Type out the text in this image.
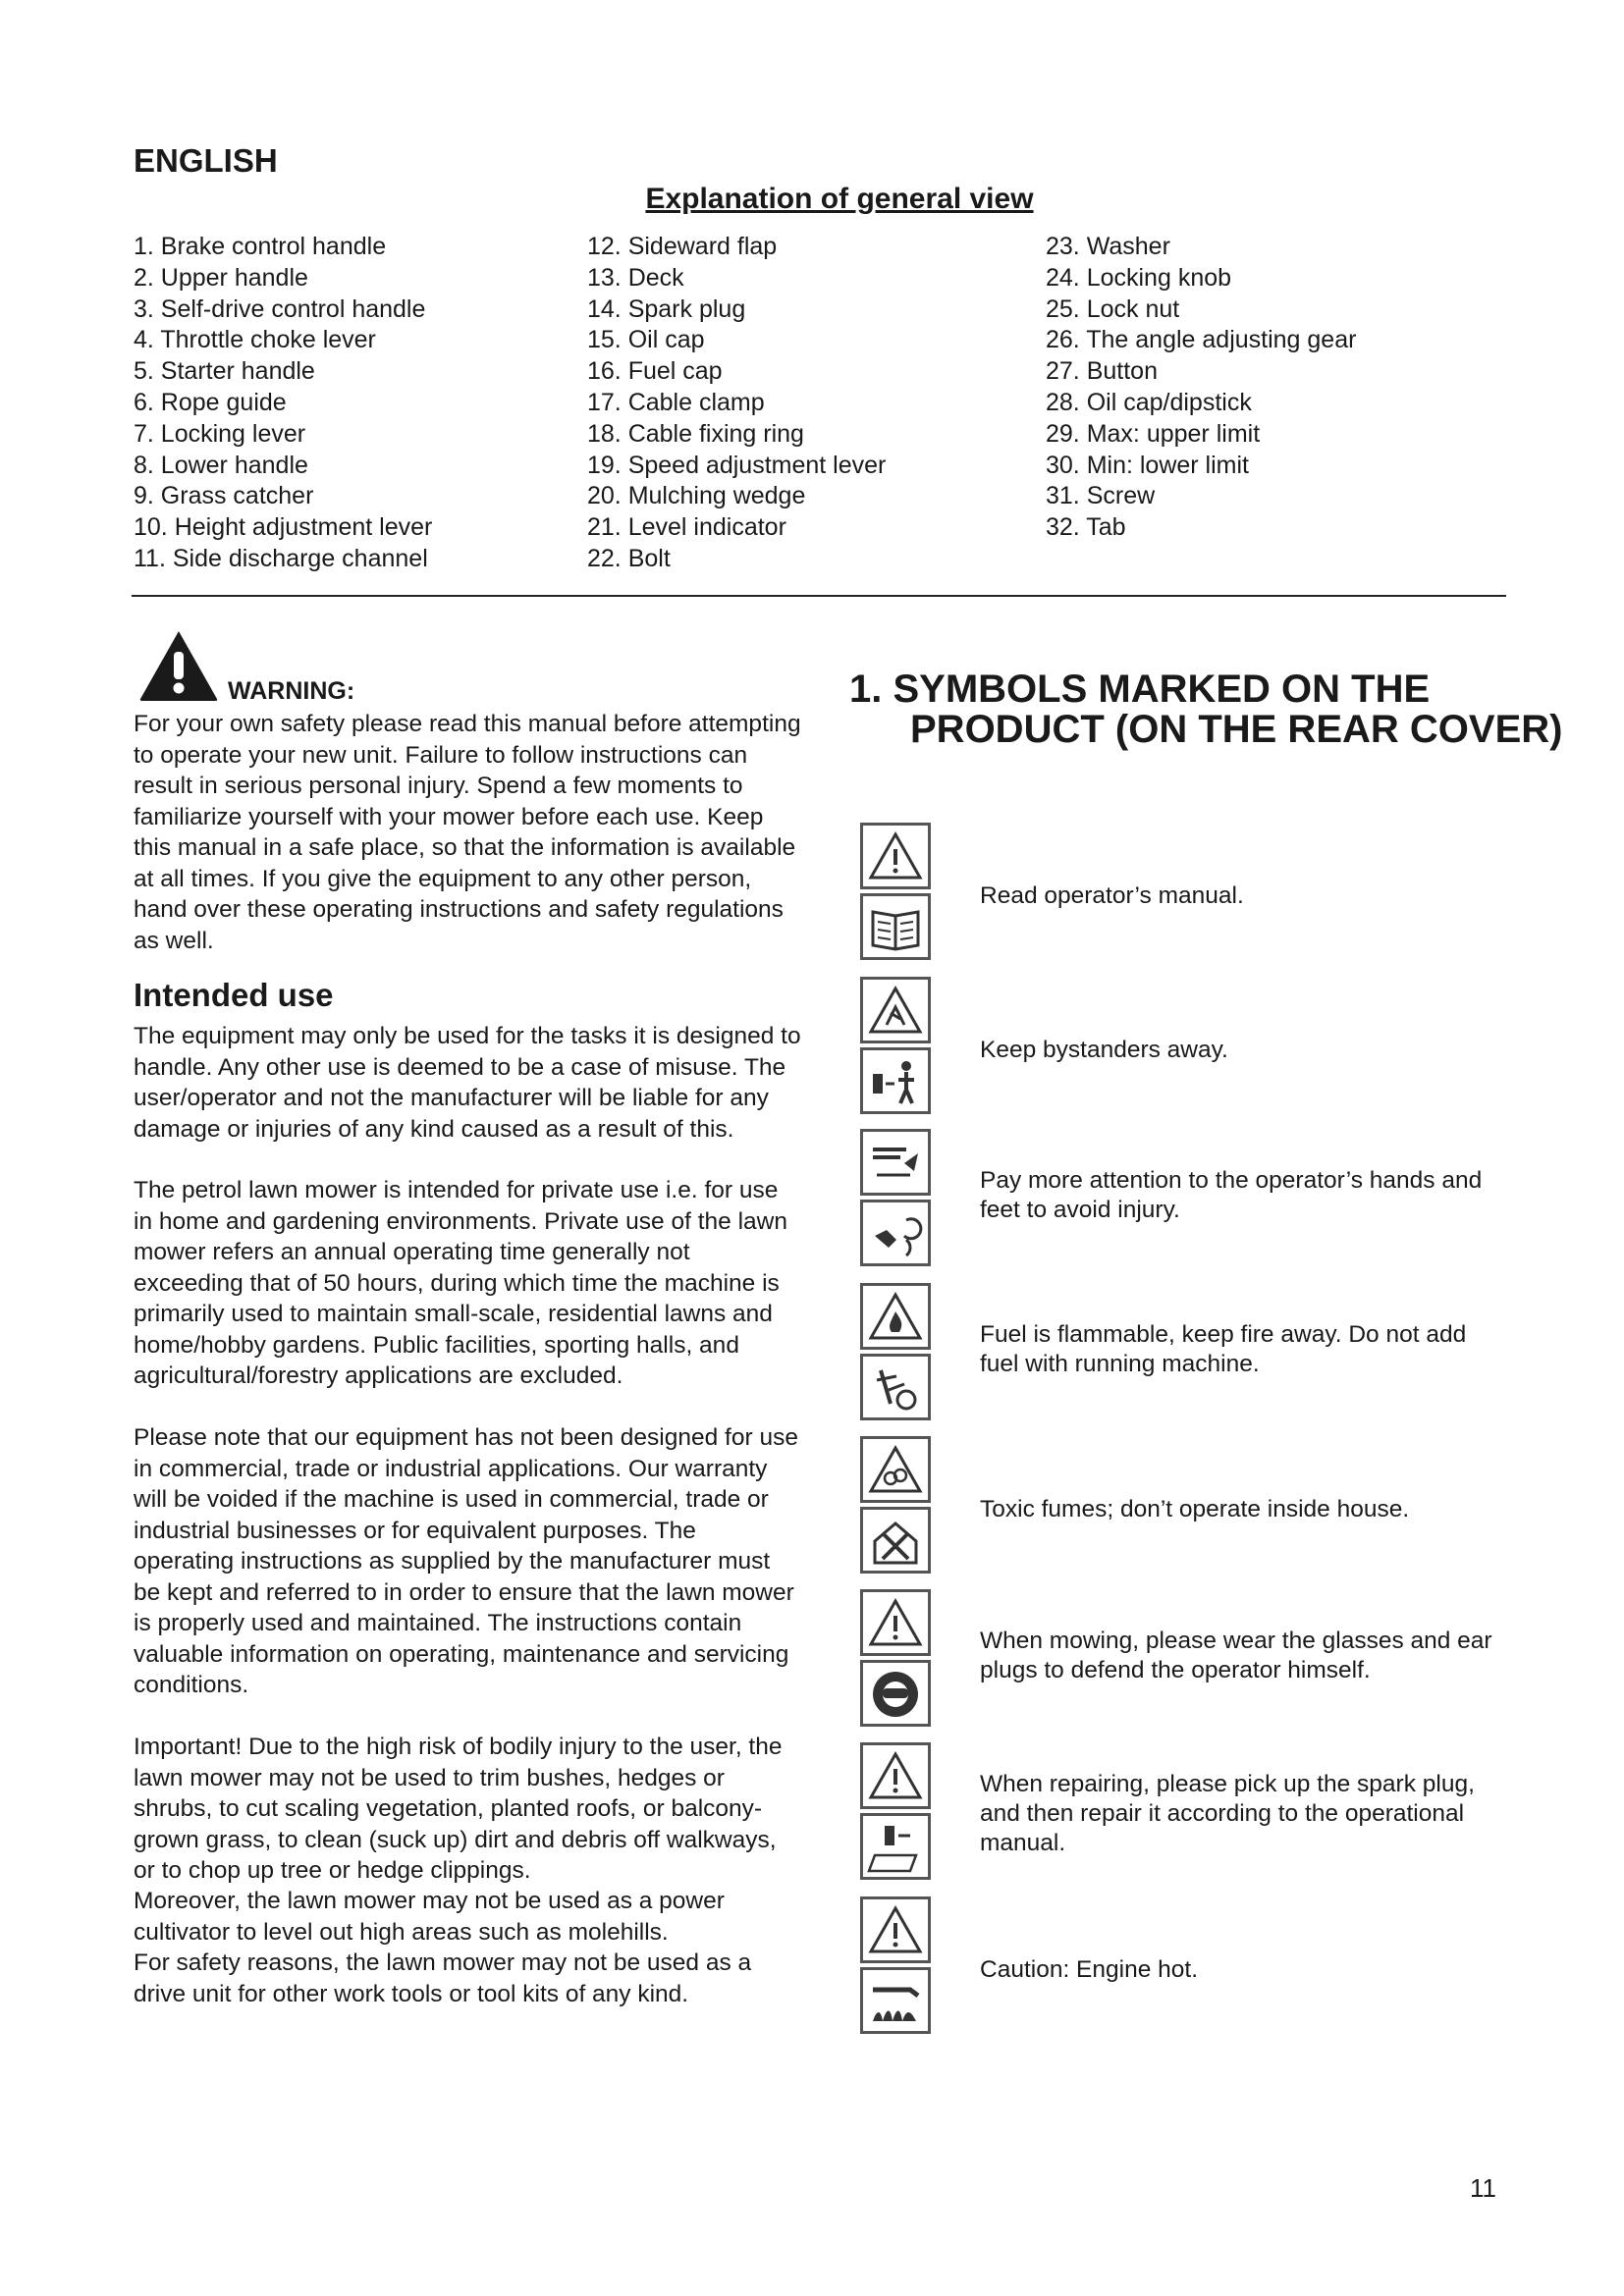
ENGLISH
Explanation of general view
1. Brake control handle
2. Upper handle
3. Self-drive control handle
4. Throttle choke lever
5. Starter handle
6. Rope guide
7. Locking lever
8. Lower handle
9. Grass catcher
10. Height adjustment lever
11. Side discharge channel
12. Sideward flap
13. Deck
14. Spark plug
15. Oil cap
16. Fuel cap
17. Cable clamp
18. Cable fixing ring
19. Speed adjustment lever
20. Mulching wedge
21. Level indicator
22. Bolt
23. Washer
24. Locking knob
25. Lock nut
26. The angle adjusting gear
27. Button
28. Oil cap/dipstick
29. Max: upper limit
30. Min: lower limit
31. Screw
32. Tab
WARNING:

For your own safety please read this manual before attempting to operate your new unit. Failure to follow instructions can result in serious personal injury. Spend a few moments to familiarize yourself with your mower before each use. Keep this manual in a safe place, so that the information is available at all times. If you give the equipment to any other person, hand over these operating instructions and safety regulations as well.

Intended use

The equipment may only be used for the tasks it is designed to handle. Any other use is deemed to be a case of misuse. The user/operator and not the manufacturer will be liable for any damage or injuries of any kind caused as a result of this.

The petrol lawn mower is intended for private use i.e. for use in home and gardening environments. Private use of the lawn mower refers an annual operating time generally not exceeding that of 50 hours, during which time the machine is primarily used to maintain small-scale, residential lawns and home/hobby gardens. Public facilities, sporting halls, and agricultural/forestry applications are excluded.

Please note that our equipment has not been designed for use in commercial, trade or industrial applications. Our warranty will be voided if the machine is used in commercial, trade or industrial businesses or for equivalent purposes. The operating instructions as supplied by the manufacturer must be kept and referred to in order to ensure that the lawn mower is properly used and maintained. The instructions contain valuable information on operating, maintenance and servicing conditions.

Important! Due to the high risk of bodily injury to the user, the lawn mower may not be used to trim bushes, hedges or shrubs, to cut scaling vegetation, planted roofs, or balcony-grown grass, to clean (suck up) dirt and debris off walkways, or to chop up tree or hedge clippings.

Moreover, the lawn mower may not be used as a power cultivator to level out high areas such as molehills.

For safety reasons, the lawn mower may not be used as a drive unit for other work tools or tool kits of any kind.

1. SYMBOLS MARKED ON THE PRODUCT (ON THE REAR COVER)

Read operator’s manual.

Keep bystanders away.

Pay more attention to the operator’s hands and feet to avoid injury.

Fuel is flammable, keep fire away. Do not add fuel with running machine.

Toxic fumes; don’t operate inside house.

When mowing, please wear the glasses and ear plugs to defend the operator himself.

When repairing, please pick up the spark plug, and then repair it according to the operational manual.

Caution: Engine hot.

11
